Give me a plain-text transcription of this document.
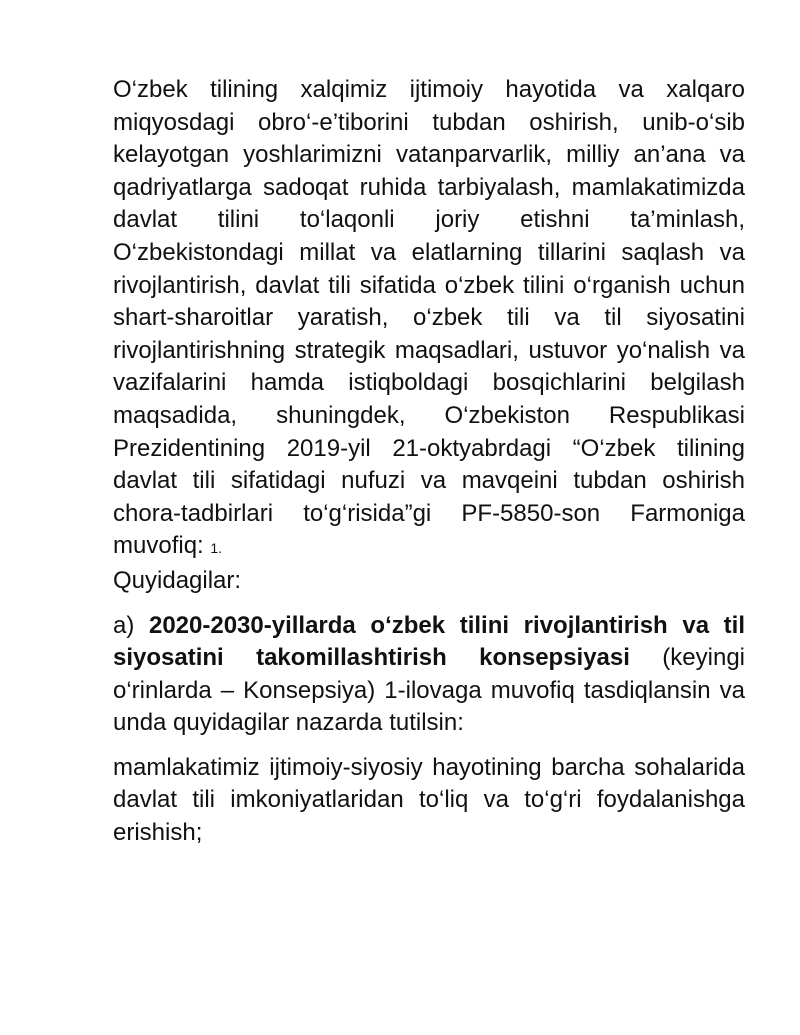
O‘zbek tilining xalqimiz ijtimoiy hayotida va xalqaro miqyosdagi obro‘-e’tiborini tubdan oshirish, unib-o‘sib kelayotgan yoshlarimizni vatanparvarlik, milliy an’ana va qadriyatlarga sadoqat ruhida tarbiyalash, mamlakatimizda davlat tilini to‘laqonli joriy etishni ta’minlash, O‘zbekistondagi millat va elatlarning tillarini saqlash va rivojlantirish, davlat tili sifatida o‘zbek tilini o‘rganish uchun shart-sharoitlar yaratish, o‘zbek tili va til siyosatini rivojlantirishning strategik maqsadlari, ustuvor yo‘nalish va vazifalarini hamda istiqboldagi bosqichlarini belgilash maqsadida, shuningdek, O‘zbekiston Respublikasi Prezidentining 2019-yil 21-oktyabrdagi “O‘zbek tilining davlat tili sifatidagi nufuzi va mavqeini tubdan oshirish chora-tadbirlari to‘g‘risida”gi PF-5850-son Farmoniga muvofiq: 1.
Quyidagilar:

a) 2020-2030-yillarda o‘zbek tilini rivojlantirish va til siyosatini takomillashtirish konsepsiyasi (keyingi o‘rinlarda – Konsepsiya) 1-ilovaga muvofiq tasdiqlansin va unda quyidagilar nazarda tutilsin:

mamlakatimiz ijtimoiy-siyosiy hayotining barcha sohalarida davlat tili imkoniyatlaridan to‘liq va to‘g‘ri foydalanishga erishish;
